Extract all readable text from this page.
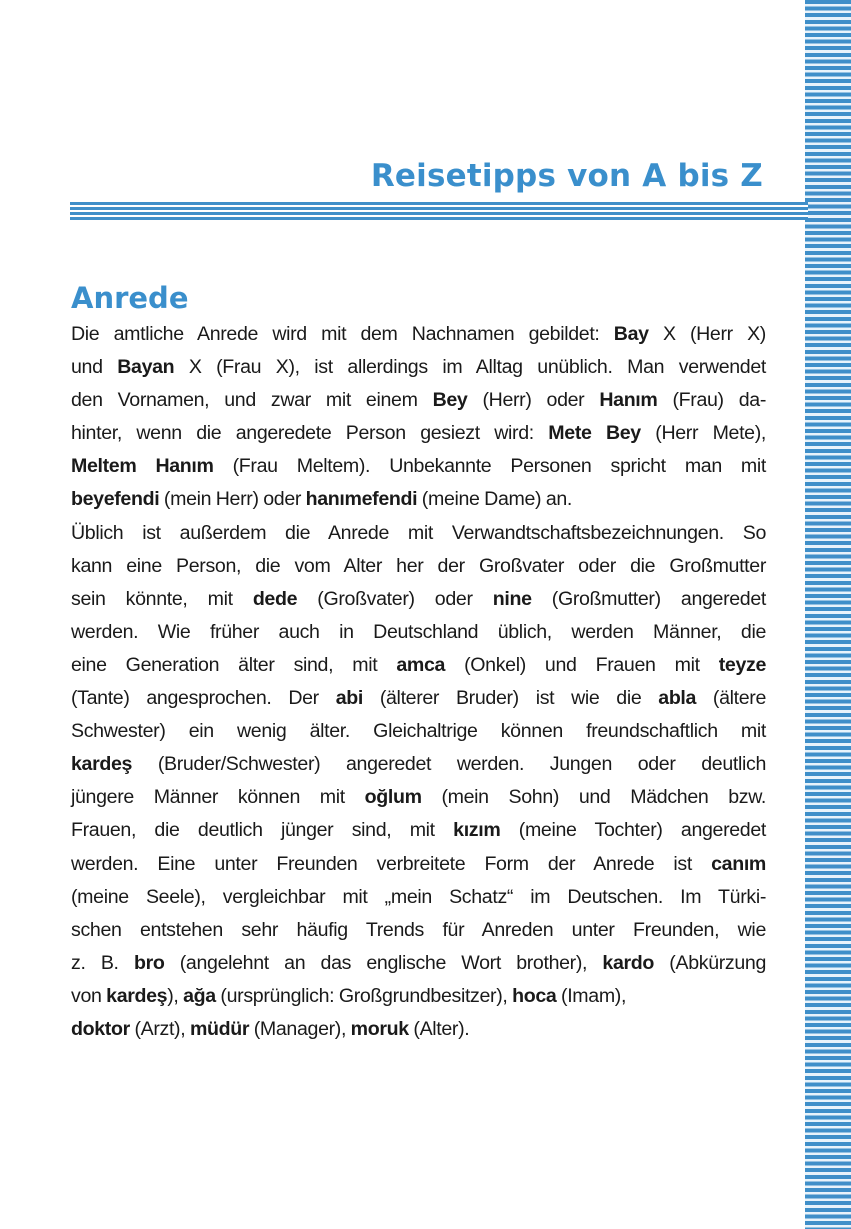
Reisetipps von A bis Z
Anrede

Die amtliche Anrede wird mit dem Nachnamen gebildet: Bay X (Herr X)
und Bayan X (Frau X), ist allerdings im Alltag unüblich. Man verwendet
den Vornamen, und zwar mit einem Bey (Herr) oder Hanım (Frau) da-
hinter, wenn die angeredete Person gesiezt wird: Mete Bey (Herr Mete),
Meltem Hanım (Frau Meltem). Unbekannte Personen spricht man mit
beyefendi (mein Herr) oder hanımefendi (meine Dame) an.
Üblich ist außerdem die Anrede mit Verwandtschaftsbezeichnungen. So
kann eine Person, die vom Alter her der Großvater oder die Großmutter
sein könnte, mit dede (Großvater) oder nine (Großmutter) angeredet
werden. Wie früher auch in Deutschland üblich, werden Männer, die
eine Generation älter sind, mit amca (Onkel) und Frauen mit teyze
(Tante) angesprochen. Der abi (älterer Bruder) ist wie die abla (ältere
Schwester) ein wenig älter. Gleichaltrige können freundschaftlich mit
kardeş (Bruder/Schwester) angeredet werden. Jungen oder deutlich
jüngere Männer können mit oğlum (mein Sohn) und Mädchen bzw.
Frauen, die deutlich jünger sind, mit kızım (meine Tochter) angeredet
werden. Eine unter Freunden verbreitete Form der Anrede ist canım
(meine Seele), vergleichbar mit „mein Schatz“ im Deutschen. Im Türki-
schen entstehen sehr häufig Trends für Anreden unter Freunden, wie
z. B. bro (angelehnt an das englische Wort brother), kardo (Abkürzung
von kardeş), ağa (ursprünglich: Großgrundbesitzer), hoca (Imam),
doktor (Arzt), müdür (Manager), moruk (Alter).
